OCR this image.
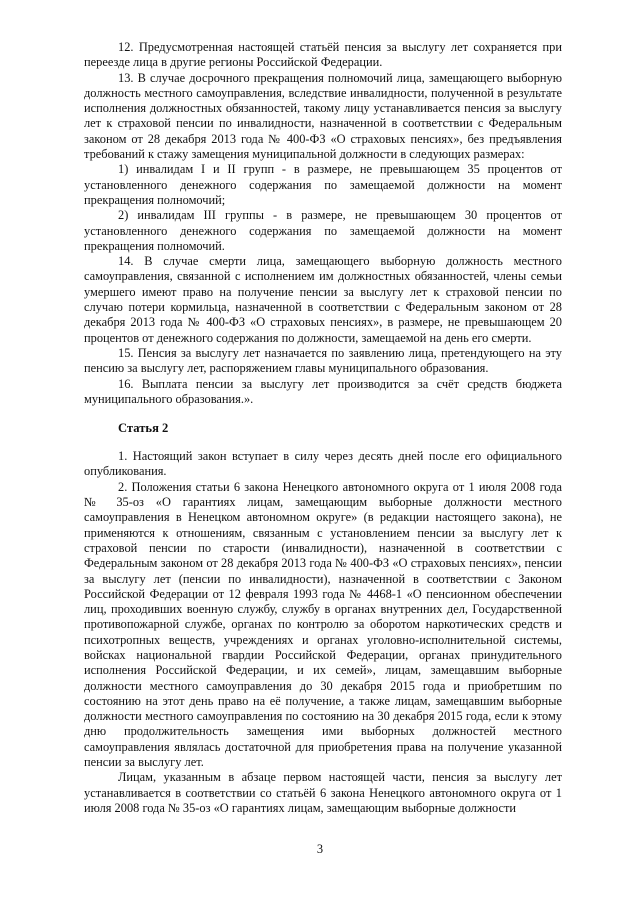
12. Предусмотренная настоящей статьёй пенсия за выслугу лет сохраняется при переезде лица в другие регионы Российской Федерации.

13. В случае досрочного прекращения полномочий лица, замещающего выборную должность местного самоуправления, вследствие инвалидности, полученной в результате исполнения должностных обязанностей, такому лицу устанавливается пенсия за выслугу лет к страховой пенсии по инвалидности, назначенной в соответствии с Федеральным законом от 28 декабря 2013 года № 400-ФЗ «О страховых пенсиях», без предъявления требований к стажу замещения муниципальной должности в следующих размерах:

1) инвалидам I и II групп - в размере, не превышающем 35 процентов от установленного денежного содержания по замещаемой должности на момент прекращения полномочий;

2) инвалидам III группы - в размере, не превышающем 30 процентов от установленного денежного содержания по замещаемой должности на момент прекращения полномочий.

14. В случае смерти лица, замещающего выборную должность местного самоуправления, связанной с исполнением им должностных обязанностей, члены семьи умершего имеют право на получение пенсии за выслугу лет к страховой пенсии по случаю потери кормильца, назначенной в соответствии с Федеральным законом от 28 декабря 2013 года № 400-ФЗ «О страховых пенсиях», в размере, не превышающем 20 процентов от денежного содержания по должности, замещаемой на день его смерти.

15. Пенсия за выслугу лет назначается по заявлению лица, претендующего на эту пенсию за выслугу лет, распоряжением главы муниципального образования.

16. Выплата пенсии за выслугу лет производится за счёт средств бюджета муниципального образования.».

Статья 2

1. Настоящий закон вступает в силу через десять дней после его официального опубликования.

2. Положения статьи 6 закона Ненецкого автономного округа от 1 июля 2008 года № 35-оз «О гарантиях лицам, замещающим выборные должности местного самоуправления в Ненецком автономном округе» (в редакции настоящего закона), не применяются к отношениям, связанным с установлением пенсии за выслугу лет к страховой пенсии по старости (инвалидности), назначенной в соответствии с Федеральным законом от 28 декабря 2013 года № 400-ФЗ «О страховых пенсиях», пенсии за выслугу лет (пенсии по инвалидности), назначенной в соответствии с Законом Российской Федерации от 12 февраля 1993 года № 4468-1 «О пенсионном обеспечении лиц, проходивших военную службу, службу в органах внутренних дел, Государственной противопожарной службе, органах по контролю за оборотом наркотических средств и психотропных веществ, учреждениях и органах уголовно-исполнительной системы, войсках национальной гвардии Российской Федерации, органах принудительного исполнения Российской Федерации, и их семей», лицам, замещавшим выборные должности местного самоуправления до 30 декабря 2015 года и приобретшим по состоянию на этот день право на её получение, а также лицам, замещавшим выборные должности местного самоуправления по состоянию на 30 декабря 2015 года, если к этому дню продолжительность замещения ими выборных должностей местного самоуправления являлась достаточной для приобретения права на получение указанной пенсии за выслугу лет.

Лицам, указанным в абзаце первом настоящей части, пенсия за выслугу лет устанавливается в соответствии со статьёй 6 закона Ненецкого автономного округа от 1 июля 2008 года № 35-оз «О гарантиях лицам, замещающим выборные должности

3
